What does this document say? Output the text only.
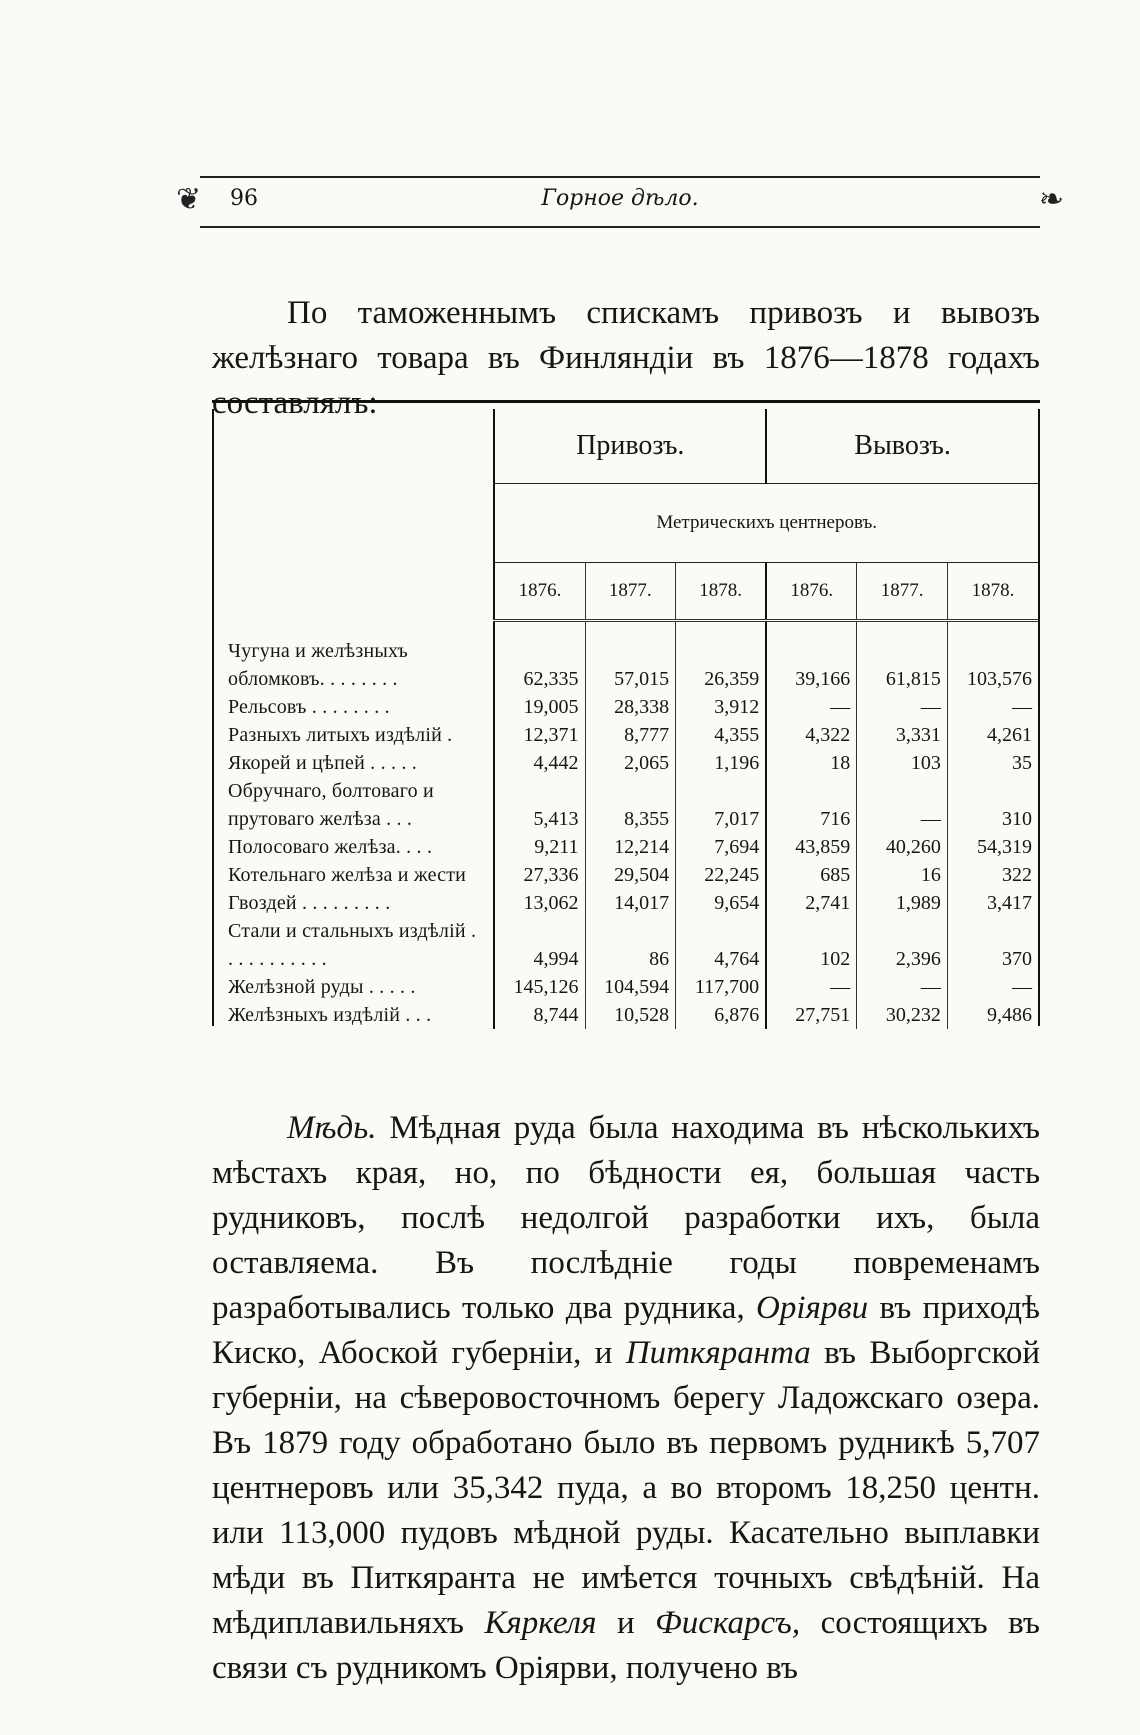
❦ 96	Горное дѣло.	❧

По таможеннымъ спискамъ привозъ и вывозъ желѣзнаго товара въ Финляндіи въ 1876—1878 годахъ составлялъ:

	Привозъ.			Вывозъ.		
	Метрическихъ центнеровъ.					
	1876.	1877.	1878.	1876.	1877.	1878.
Чугуна и желѣзныхъ обломковъ. . . . . . . .	62,335	57,015	26,359	39,166	61,815	103,576
Рельсовъ . . . . . . . .	19,005	28,338	3,912	—	—	—
Разныхъ литыхъ издѣлій .	12,371	8,777	4,355	4,322	3,331	4,261
Якорей и цѣпей . . . . .	4,442	2,065	1,196	18	103	35
Обручнаго, болтоваго и прутоваго желѣза . . .	5,413	8,355	7,017	716	—	310
Полосоваго желѣза. . . .	9,211	12,214	7,694	43,859	40,260	54,319
Котельнаго желѣза и жести	27,336	29,504	22,245	685	16	322
Гвоздей . . . . . . . . .	13,062	14,017	9,654	2,741	1,989	3,417
Стали и стальныхъ издѣлій . . . . . . . . . . .	4,994	86	4,764	102	2,396	370
Желѣзной руды . . . . .	145,126	104,594	117,700	—	—	—
Желѣзныхъ издѣлій . . .	8,744	10,528	6,876	27,751	30,232	9,486

Мѣдь. Мѣдная руда была находима въ нѣсколькихъ мѣстахъ края, но, по бѣдности ея, большая часть рудниковъ, послѣ недолгой разработки ихъ, была оставляема. Въ послѣдніе годы повременамъ разработывались только два рудника, Оріярви въ приходѣ Киско, Абоской губерніи, и Питкяранта въ Выборгской губерніи, на сѣверовосточномъ берегу Ладожскаго озера. Въ 1879 году обработано было въ первомъ рудникѣ 5,707 центнеровъ или 35,342 пуда, а во второмъ 18,250 центн. или 113,000 пудовъ мѣдной руды. Касательно выплавки мѣди въ Питкяранта не имѣется точныхъ свѣдѣній. На мѣдиплавильняхъ Кяркеля и Фискарсъ, состоящихъ въ связи съ рудникомъ Оріярви, получено въ
